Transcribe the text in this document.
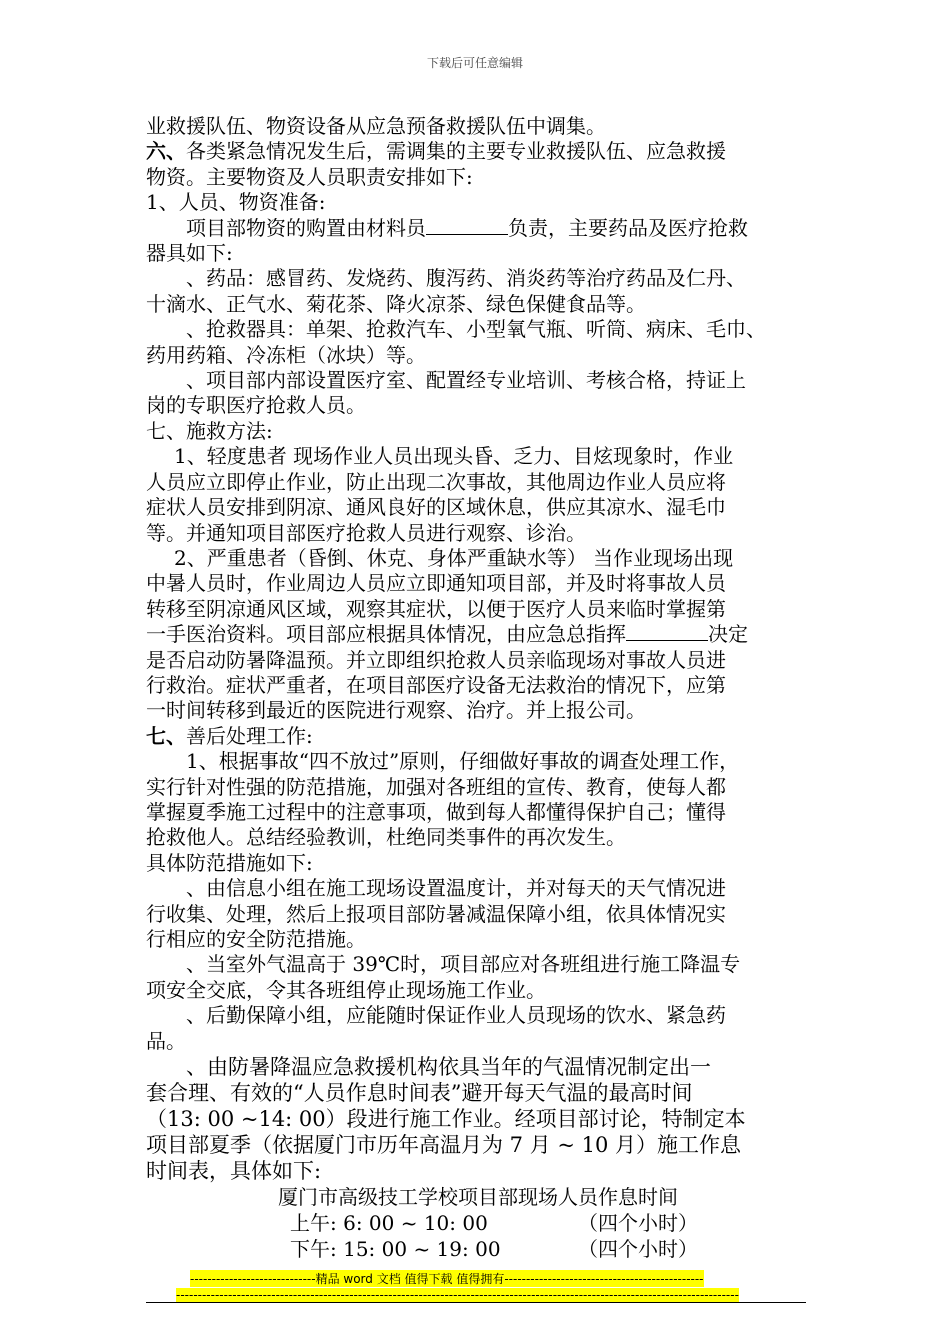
下载后可任意编辑
业救援队伍、物资设备从应急预备救援队伍中调集。
六、各类紧急情况发生后，需调集的主要专业救援队伍、应急救援
物资。主要物资及人员职责安排如下:
1、人员、物资准备:
项目部物资的购置由材料员	负责，主要药品及医疗抢救
器具如下:
、药品：感冒药、发烧药、腹泻药、消炎药等治疗药品及仁丹、
十滴水、正气水、菊花茶、降火凉茶、绿色保健食品等。
、抢救器具：单架、抢救汽车、小型氧气瓶、听筒、病床、毛巾、
药用药箱、冷冻柜（冰块）等。
、项目部内部设置医疗室、配置经专业培训、考核合格，持证上
岗的专职医疗抢救人员。
七、施救方法:
1、轻度患者 现场作业人员出现头昏、乏力、目炫现象时，作业
人员应立即停止作业，防止出现二次事故，其他周边作业人员应将
症状人员安排到阴凉、通风良好的区域休息，供应其凉水、湿毛巾
等。并通知项目部医疗抢救人员进行观察、诊治。
2、严重患者（昏倒、休克、身体严重缺水等） 当作业现场出现
中暑人员时，作业周边人员应立即通知项目部，并及时将事故人员
转移至阴凉通风区域，观察其症状，以便于医疗人员来临时掌握第
一手医治资料。项目部应根据具体情况，由应急总指挥	决定
是否启动防暑降温预。并立即组织抢救人员亲临现场对事故人员进
行救治。症状严重者，在项目部医疗设备无法救治的情况下，应第
一时间转移到最近的医院进行观察、治疗。并上报公司。
七、善后处理工作:
1、根据事故“四不放过”原则，仔细做好事故的调查处理工作，
实行针对性强的防范措施，加强对各班组的宣传、教育，使每人都
掌握夏季施工过程中的注意事项，做到每人都懂得保护自己；懂得
抢救他人。总结经验教训，杜绝同类事件的再次发生。
具体防范措施如下:
、由信息小组在施工现场设置温度计，并对每天的天气情况进
行收集、处理，然后上报项目部防暑减温保障小组，依具体情况实
行相应的安全防范措施。
、当室外气温高于 39℃时，项目部应对各班组进行施工降温专
项安全交底，令其各班组停止现场施工作业。
、后勤保障小组，应能随时保证作业人员现场的饮水、紧急药
品。
、由防暑降温应急救援机构依具当年的气温情况制定出一
套合理、有效的“人员作息时间表”避开每天气温的最高时间
（13: 00 ~14: 00）段进行施工作业。经项目部讨论，特制定本
项目部夏季（依据厦门市历年高温月为 7 月 ~ 10 月）施工作息
时间表，具体如下:
厦门市高级技工学校项目部现场人员作息时间
上午: 6: 00 ~ 10: 00	（四个小时）
下午: 15: 00 ~ 19: 00	（四个小时）
-----------------------------精品 word 文档 值得下载 值得拥有----------------------------------------------
----------------------------------------------------------------------------------------------------------------------------------
